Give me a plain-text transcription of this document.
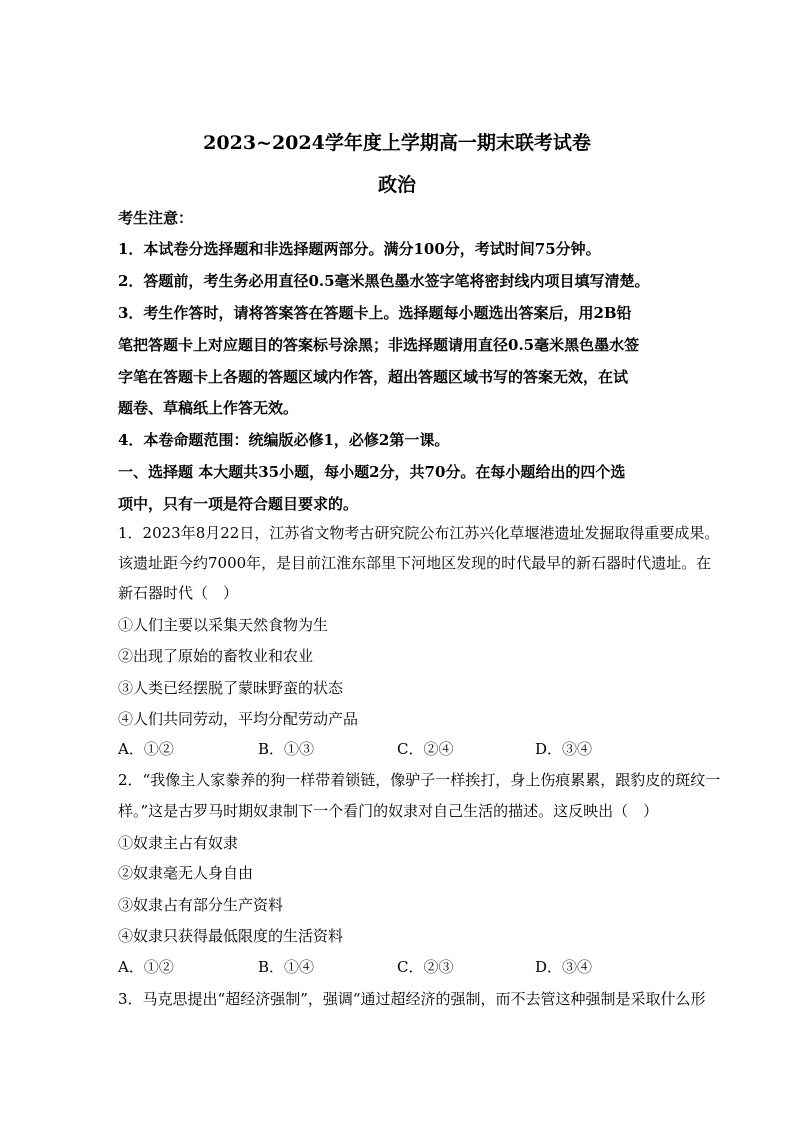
2023~2024学年度上学期高一期末联考试卷
政治
考生注意：
1．本试卷分选择题和非选择题两部分。满分100分，考试时间75分钟。
2．答题前，考生务必用直径0.5毫米黑色墨水签字笔将密封线内项目填写清楚。
3．考生作答时，请将答案答在答题卡上。选择题每小题选出答案后，用2B铅
笔把答题卡上对应题目的答案标号涂黑；非选择题请用直径0.5毫米黑色墨水签
字笔在答题卡上各题的答题区域内作答，超出答题区域书写的答案无效，在试
题卷、草稿纸上作答无效。
4．本卷命题范围：统编版必修1，必修2第一课。
一、选择题 本大题共35小题，每小题2分，共70分。在每小题给出的四个选
项中，只有一项是符合题目要求的。
1．2023年8月22日，江苏省文物考古研究院公布江苏兴化草堰港遗址发掘取得重要成果。
该遗址距今约7000年，是目前江淮东部里下河地区发现的时代最早的新石器时代遗址。在
新石器时代（　）
①人们主要以采集天然食物为生
②出现了原始的畜牧业和农业
③人类已经摆脱了蒙昧野蛮的状态
④人们共同劳动，平均分配劳动产品
A．①②	B．①③	C．②④	D．③④
2．“我像主人家豢养的狗一样带着锁链，像驴子一样挨打，身上伤痕累累，跟豹皮的斑纹一
样。”这是古罗马时期奴隶制下一个看门的奴隶对自己生活的描述。这反映出（　）
①奴隶主占有奴隶
②奴隶毫无人身自由
③奴隶占有部分生产资料
④奴隶只获得最低限度的生活资料
A．①②	B．①④	C．②③	D．③④
3．马克思提出“超经济强制”，强调“通过超经济的强制，而不去管这种强制是采取什么形
